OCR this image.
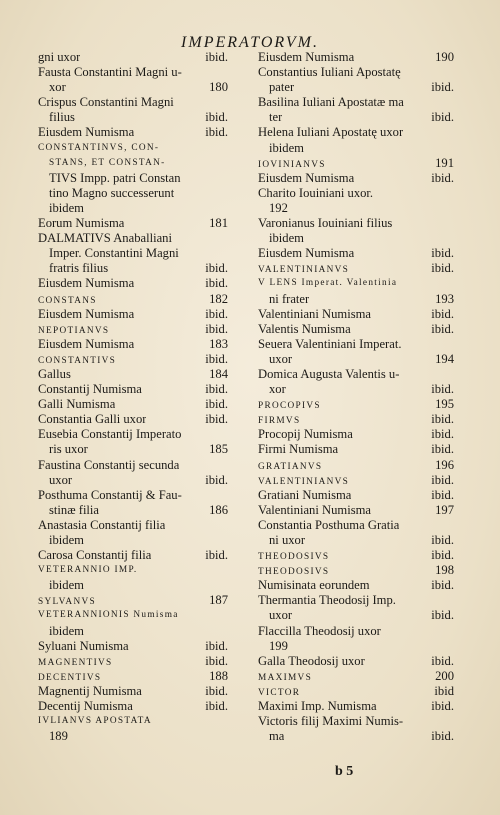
IMPERATORVM.
gni uxor	ibid.
Fausta Constantini Magni u-
xor	180
Crispus Constantini Magni
filius	ibid.
Eiusdem Numisma	ibid.
CONSTANTINVS, CON-
STANS, ET CONSTAN-
TIVS Impp. patri Constan
tino Magno successerunt
ibidem
Eorum Numisma	181
DALMATIVS Anaballiani
Imper. Constantini Magni
fratris filius	ibid.
Eiusdem Numisma	ibid.
CONSTANS	182
Eiusdem Numisma	ibid.
NEPOTIANVS	ibid.
Eiusdem Numisma	183
CONSTANTIVS	ibid.
Gallus	184
Constantij Numisma	ibid.
Galli Numisma	ibid.
Constantia Galli uxor	ibid.
Eusebia Constantij Imperato
ris uxor	185
Faustina Constantij secunda
uxor	ibid.
Posthuma Constantij & Fau-
stinæ filia	186
Anastasia Constantij filia
ibidem
Carosa Constantij filia	ibid.
VETERANNIO IMP.
ibidem
SYLVANVS	187
VETERANNIONIS Numisma
ibidem
Syluani Numisma	ibid.
MAGNENTIVS	ibid.
DECENTIVS	188
Magnentij Numisma	ibid.
Decentij Numisma	ibid.
IVLIANVS APOSTATA
189
Eiusdem Numisma	190
Constantius Iuliani Apostatę
pater	ibid.
Basilina Iuliani Apostatæ ma
ter	ibid.
Helena Iuliani Apostatę uxor
ibidem
IOVINIANVS	191
Eiusdem Numisma	ibid.
Charito Iouiniani uxor.
192
Varonianus Iouiniani filius
ibidem
Eiusdem Numisma	ibid.
VALENTINIANVS	ibid.
V LENS Imperat. Valentinia
ni frater	193
Valentiniani Numisma	ibid.
Valentis Numisma	ibid.
Seuera Valentiniani Imperat.
uxor	194
Domica Augusta Valentis u-
xor	ibid.
PROCOPIVS	195
FIRMVS	ibid.
Procopij Numisma	ibid.
Firmi Numisma	ibid.
GRATIANVS	196
VALENTINIANVS	ibid.
Gratiani Numisma	ibid.
Valentiniani Numisma	197
Constantia Posthuma Gratia
ni uxor	ibid.
THEODOSIVS	ibid.
THEODOSIVS	198
Numisinata eorundem	ibid.
Thermantia Theodosij Imp.
uxor	ibid.
Flaccilla Theodosij uxor
199
Galla Theodosij uxor	ibid.
MAXIMVS	200
VICTOR	ibid
Maximi Imp. Numisma	ibid.
Victoris filij Maximi Numis-
ma	ibid.
b 5
